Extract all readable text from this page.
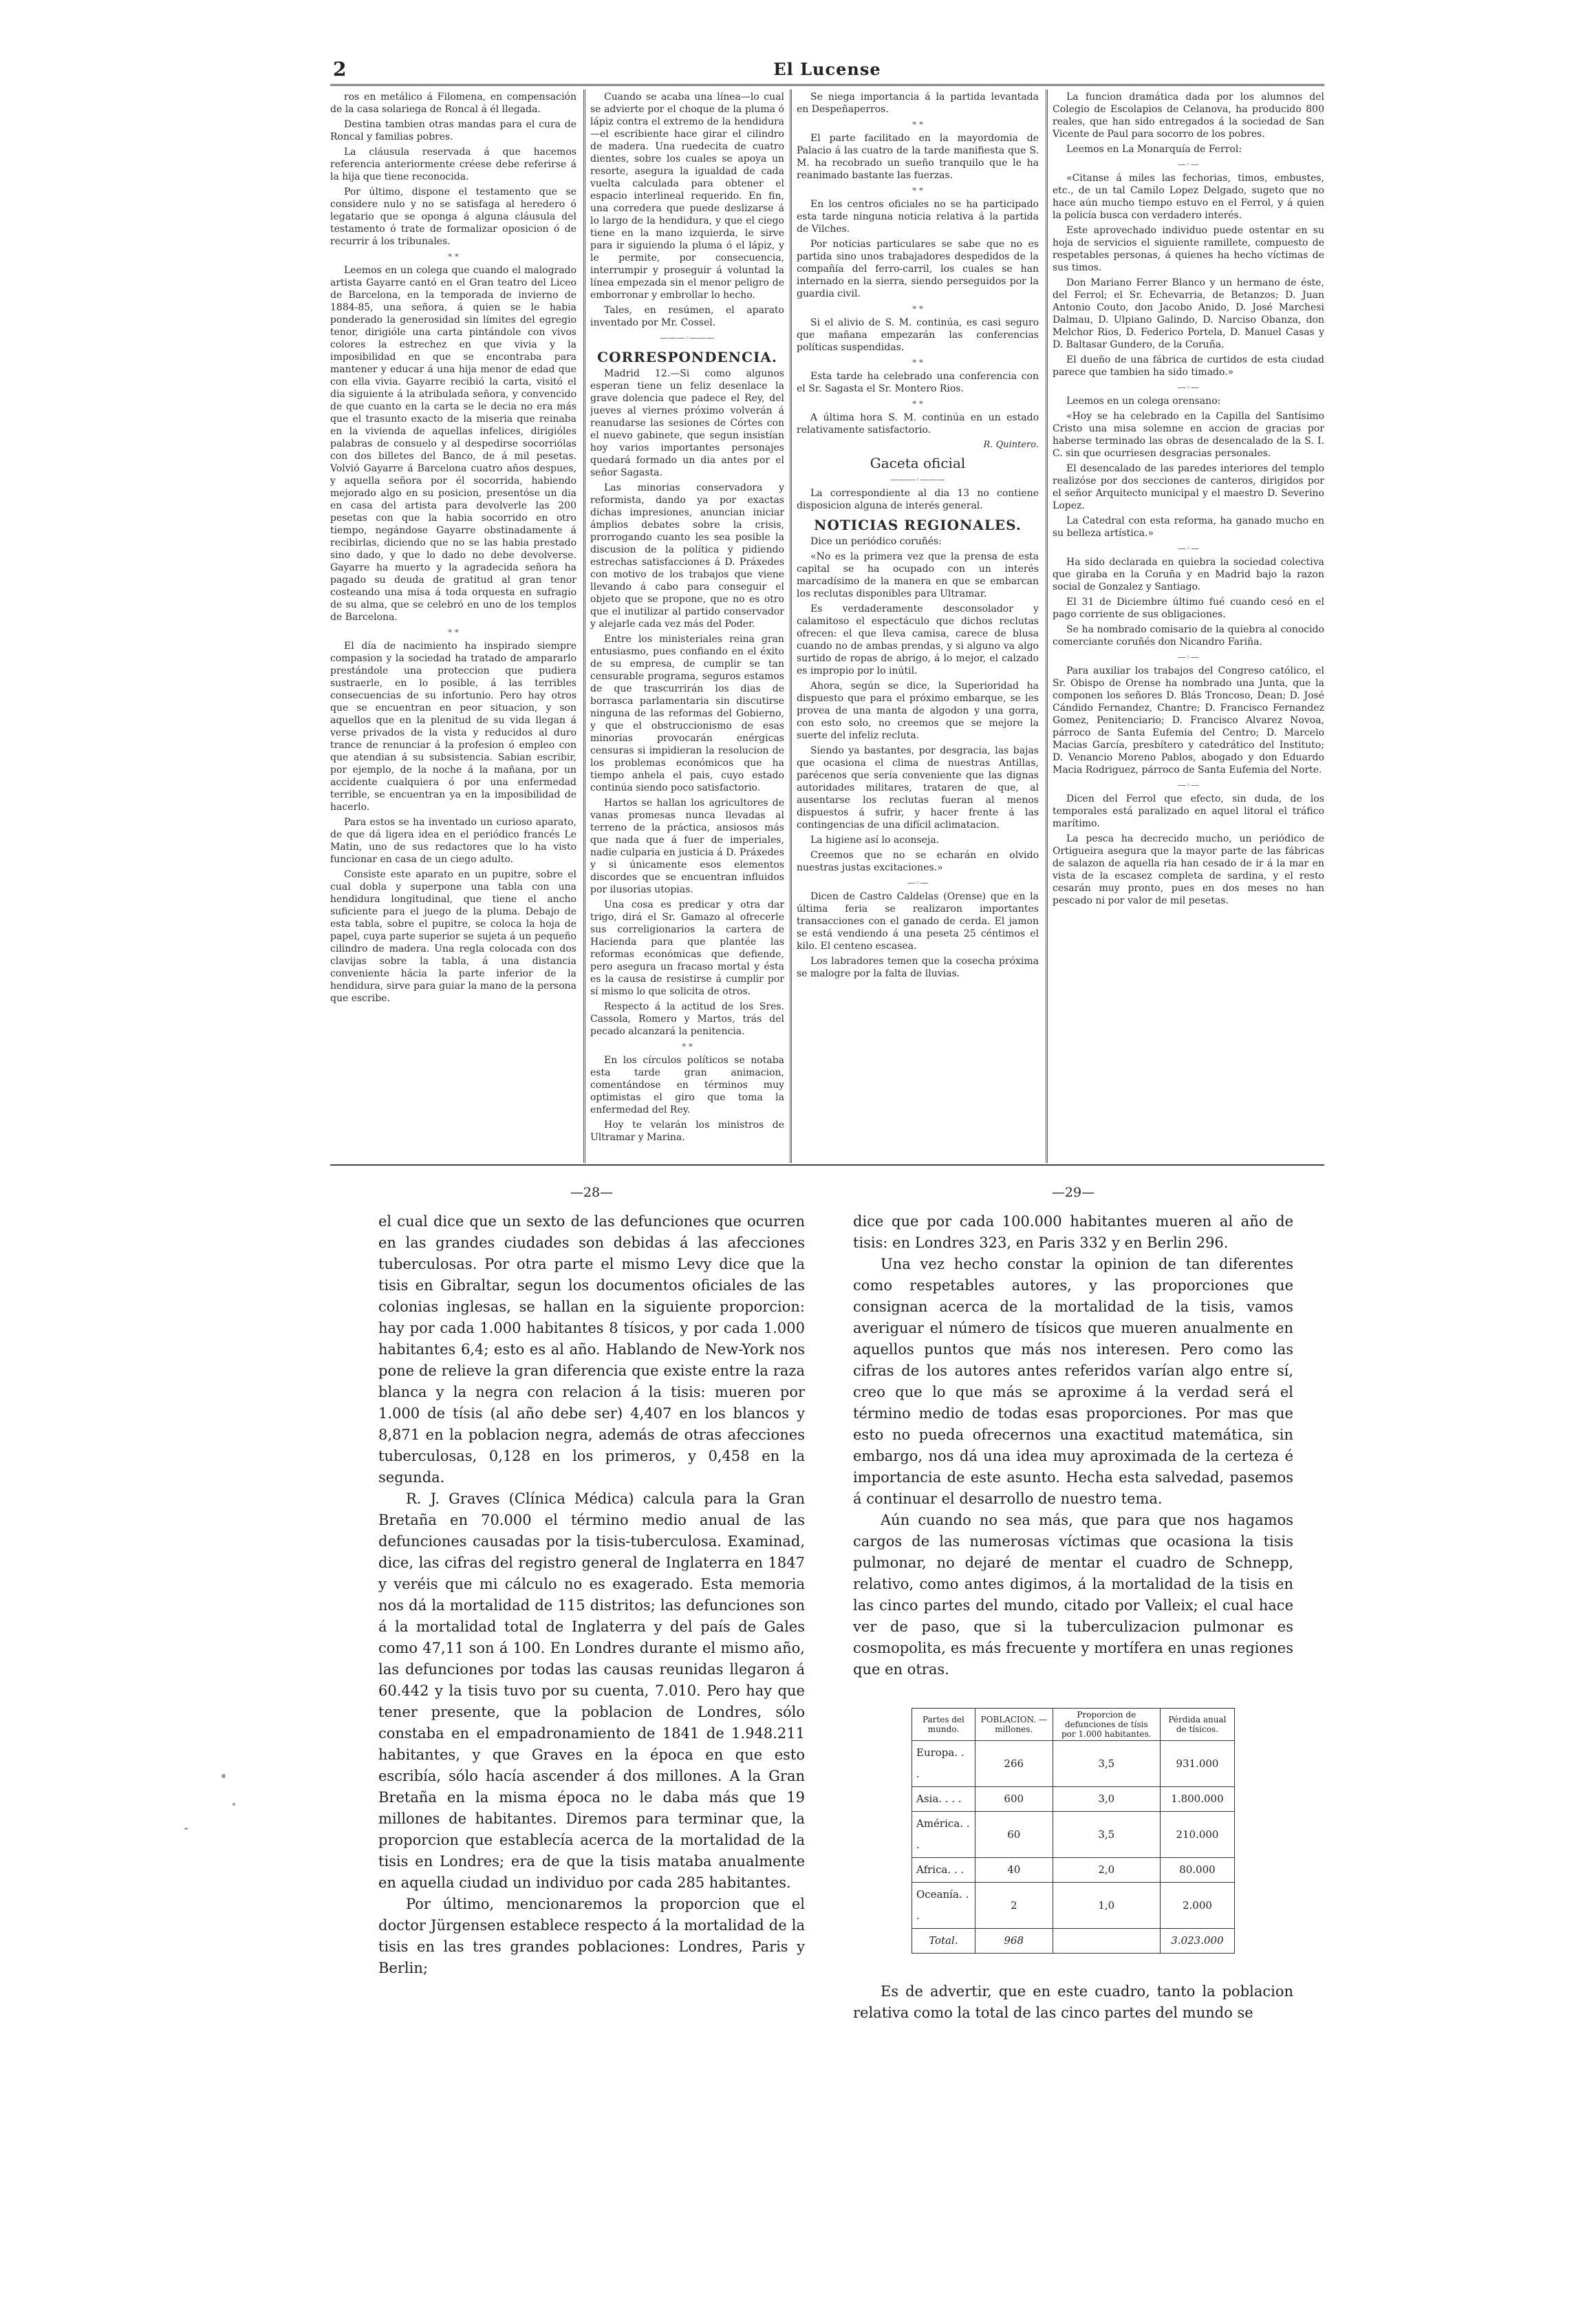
2	El Lucense

ros en metálico á Filomena, en compensación de la casa solariega de Roncal á él llegada.

Destina tambien otras mandas para el cura de Roncal y familias pobres.

La cláusula reservada á que hacemos referencia anteriormente créese debe referirse á la hija que tiene reconocida.

Por último, dispone el testamento que se considere nulo y no se satisfaga al heredero ó legatario que se oponga á alguna cláusula del testamento ó trate de formalizar oposicion ó de recurrir á los tribunales.

* *

Leemos en un colega que cuando el malogrado artista Gayarre cantó en el Gran teatro del Liceo de Barcelona, en la temporada de invierno de 1884-85, una señora, á quien se le habia ponderado la generosidad sin límites del egregio tenor, dirigióle una carta pintándole con vivos colores la estrechez en que vivia y la imposibilidad en que se encontraba para mantener y educar á una hija menor de edad que con ella vivia. Gayarre recibió la carta, visitó el dia siguiente á la atribulada señora, y convencido de que cuanto en la carta se le decia no era más que el trasunto exacto de la miseria que reinaba en la vivienda de aquellas infelices, dirigióles palabras de consuelo y al despedirse socorriólas con dos billetes del Banco, de á mil pesetas. Volvió Gayarre á Barcelona cuatro años despues, y aquella señora por él socorrida, habiendo mejorado algo en su posicion, presentóse un dia en casa del artista para devolverle las 200 pesetas con que la habia socorrido en otro tiempo, negándose Gayarre obstinadamente á recibirlas, diciendo que no se las habia prestado sino dado, y que lo dado no debe devolverse. Gayarre ha muerto y la agradecida señora ha pagado su deuda de gratitud al gran tenor costeando una misa á toda orquesta en sufragio de su alma, que se celebró en uno de los templos de Barcelona.

* *

El día de nacimiento ha inspirado siempre compasion y la sociedad ha tratado de ampararlo prestándole una proteccion que pudiera sustraerle, en lo posible, á las terribles consecuencias de su infortunio. Pero hay otros que se encuentran en peor situacion, y son aquellos que en la plenitud de su vida llegan á verse privados de la vista y reducidos al duro trance de renunciar á la profesion ó empleo con que atendian á su subsistencia. Sabian escribir, por ejemplo, de la noche á la mañana, por un accidente cualquiera ó por una enfermedad terrible, se encuentran ya en la imposibilidad de hacerlo.

Para estos se ha inventado un curioso aparato, de que dá ligera idea en el periódico francés Le Matin, uno de sus redactores que lo ha visto funcionar en casa de un ciego adulto.

Consiste este aparato en un pupitre, sobre el cual dobla y superpone una tabla con una hendidura longitudinal, que tiene el ancho suficiente para el juego de la pluma. Debajo de esta tabla, sobre el pupitre, se coloca la hoja de papel, cuya parte superior se sujeta á un pequeño cilindro de madera. Una regla colocada con dos clavijas sobre la tabla, á una distancia conveniente hácia la parte inferior de la hendidura, sirve para guiar la mano de la persona que escribe.

Cuando se acaba una línea—lo cual se advierte por el choque de la pluma ó lápiz contra el extremo de la hendidura—el escribiente hace girar el cilindro de madera. Una ruedecita de cuatro dientes, sobre los cuales se apoya un resorte, asegura la igualdad de cada vuelta calculada para obtener el espacio interlineal requerido. En fin, una corredera que puede deslizarse á lo largo de la hendidura, y que el ciego tiene en la mano izquierda, le sirve para ir siguiendo la pluma ó el lápiz, y le permite, por consecuencia, interrumpir y proseguir á voluntad la línea empezada sin el menor peligro de emborronar y embrollar lo hecho.

Tales, en resúmen, el aparato inventado por Mr. Cossel.

———◦———
CORRESPONDENCIA.

Madrid 12.—Si como algunos esperan tiene un feliz desenlace la grave dolencia que padece el Rey, del jueves al viernes próximo volverán á reanudarse las sesiones de Córtes con el nuevo gabinete, que segun insistían hoy varios importantes personajes quedará formado un dia antes por el señor Sagasta.

Las minorias conservadora y reformista, dando ya por exactas dichas impresiones, anuncian iniciar ámplios debates sobre la crisis, prorrogando cuanto les sea posible la discusion de la política y pidiendo estrechas satisfacciones á D. Práxedes con motivo de los trabajos que viene llevando á cabo para conseguir el objeto que se propone, que no es otro que el inutilizar al partido conservador y alejarle cada vez más del Poder.

Entre los ministeriales reina gran entusiasmo, pues confiando en el éxito de su empresa, de cumplir se tan censurable programa, seguros estamos de que trascurrirán los dias de borrasca parlamentaria sin discutirse ninguna de las reformas del Gobierno, y que el obstruccionismo de esas minorias provocarán enérgicas censuras si impidieran la resolucion de los problemas económicos que ha tiempo anhela el pais, cuyo estado continúa siendo poco satisfactorio.

Hartos se hallan los agricultores de vanas promesas nunca llevadas al terreno de la práctica, ansiosos más que nada que á fuer de imperiales, nadie culparia en justicia á D. Práxedes y si únicamente esos elementos discordes que se encuentran influidos por ilusorias utopias.

Una cosa es predicar y otra dar trigo, dirá el Sr. Gamazo al ofrecerle sus correligionarios la cartera de Hacienda para que plantée las reformas económicas que defiende, pero asegura un fracaso mortal y ésta es la causa de resistirse á cumplir por sí mismo lo que solicita de otros.

Respecto á la actitud de los Sres. Cassola, Romero y Martos, trás del pecado alcanzará la penitencia.

* *

En los círculos políticos se notaba esta tarde gran animacion, comentándose en términos muy optimistas el giro que toma la enfermedad del Rey.

Hoy te velarán los ministros de Ultramar y Marina.

Se niega importancia á la partida levantada en Despeñaperros.

* *

El parte facilitado en la mayordomia de Palacio á las cuatro de la tarde manifiesta que S. M. ha recobrado un sueño tranquilo que le ha reanimado bastante las fuerzas.

* *

En los centros oficiales no se ha participado esta tarde ninguna noticia relativa á la partida de Vilches.

Por noticias particulares se sabe que no es partida sino unos trabajadores despedidos de la compañía del ferro-carril, los cuales se han internado en la sierra, siendo perseguidos por la guardia civil.

* *

Si el alivio de S. M. continúa, es casi seguro que mañana empezarán las conferencias políticas suspendidas.

* *

Esta tarde ha celebrado una conferencia con el Sr. Sagasta el Sr. Montero Rios.

* *

A última hora S. M. continúa en un estado relativamente satisfactorio.

R. Quintero.
Gaceta oficial
———◦———

La correspondiente al dia 13 no contiene disposicion alguna de interés general.

NOTICIAS REGIONALES.

Dice un periódico coruñés:

«No es la primera vez que la prensa de esta capital se ha ocupado con un interés marcadísimo de la manera en que se embarcan los reclutas disponibles para Ultramar.

Es verdaderamente desconsolador y calamitoso el espectáculo que dichos reclutas ofrecen: el que lleva camisa, carece de blusa cuando no de ambas prendas, y si alguno va algo surtido de ropas de abrigo, á lo mejor, el calzado es impropio por lo inútil.

Ahora, según se dice, la Superioridad ha dispuesto que para el próximo embarque, se les provea de una manta de algodon y una gorra, con esto solo, no creemos que se mejore la suerte del infeliz recluta.

Siendo ya bastantes, por desgracia, las bajas que ocasiona el clima de nuestras Antillas, parécenos que sería conveniente que las dignas autoridades militares, trataren de que, al ausentarse los reclutas fueran al menos dispuestos á sufrir, y hacer frente á las contingencias de una difícil aclimatacion.

La higiene así lo aconseja.

Creemos que no se echarán en olvido nuestras justas excitaciones.»

—◦—

Dicen de Castro Caldelas (Orense) que en la última feria se realizaron importantes transacciones con el ganado de cerda. El jamon se está vendiendo á una peseta 25 céntimos el kilo. El centeno escasea.

Los labradores temen que la cosecha próxima se malogre por la falta de lluvias.

La funcion dramática dada por los alumnos del Colegio de Escolapios de Celanova, ha producido 800 reales, que han sido entregados á la sociedad de San Vicente de Paul para socorro de los pobres.

Leemos en La Monarquía de Ferrol:

—◦—

«Citanse á miles las fechorias, timos, embustes, etc., de un tal Camilo Lopez Delgado, sugeto que no hace aún mucho tiempo estuvo en el Ferrol, y á quien la policía busca con verdadero interés.

Este aprovechado individuo puede ostentar en su hoja de servicios el siguiente ramillete, compuesto de respetables personas, á quienes ha hecho víctimas de sus timos.

Don Mariano Ferrer Blanco y un hermano de éste, del Ferrol; el Sr. Echevarria, de Betanzos; D. Juan Antonio Couto, don Jacobo Anido, D. José Marchesi Dalmau, D. Ulpiano Galindo, D. Narciso Obanza, don Melchor Rios, D. Federico Portela, D. Manuel Casas y D. Baltasar Gundero, de la Coruña.

El dueño de una fábrica de curtidos de esta ciudad parece que tambien ha sido timado.»

—◦—

Leemos en un colega orensano:

«Hoy se ha celebrado en la Capilla del Santísimo Cristo una misa solemne en accion de gracias por haberse terminado las obras de desencalado de la S. I. C. sin que ocurriesen desgracias personales.

El desencalado de las paredes interiores del templo realizóse por dos secciones de canteros, dirigidos por el señor Arquitecto municipal y el maestro D. Severino Lopez.

La Catedral con esta reforma, ha ganado mucho en su belleza artística.»

—◦—

Ha sido declarada en quiebra la sociedad colectiva que giraba en la Coruña y en Madrid bajo la razon social de Gonzalez y Santiago.

El 31 de Diciembre último fué cuando cesó en el pago corriente de sus obligaciones.

Se ha nombrado comisario de la quiebra al conocido comerciante coruñés don Nicandro Fariña.

—◦—

Para auxiliar los trabajos del Congreso católico, el Sr. Obispo de Orense ha nombrado una Junta, que la componen los señores D. Blás Troncoso, Dean; D. José Cándido Fernandez, Chantre; D. Francisco Fernandez Gomez, Penitenciario; D. Francisco Alvarez Novoa, párroco de Santa Eufemia del Centro; D. Marcelo Macias García, presbítero y catedrático del Instituto; D. Venancio Moreno Pablos, abogado y don Eduardo Macia Rodriguez, párroco de Santa Eufemia del Norte.

—◦—

Dicen del Ferrol que efecto, sin duda, de los temporales está paralizado en aquel litoral el tráfico marítimo.

La pesca ha decrecido mucho, un periódico de Ortigueira asegura que la mayor parte de las fábricas de salazon de aquella ria han cesado de ir á la mar en vista de la escasez completa de sardina, y el resto cesarán muy pronto, pues en dos meses no han pescado ni por valor de mil pesetas.

—28—

el cual dice que un sexto de las defunciones que ocurren en las grandes ciudades son debidas á las afecciones tuberculosas. Por otra parte el mismo Levy dice que la tisis en Gibraltar, segun los documentos oficiales de las colonias inglesas, se hallan en la siguiente proporcion: hay por cada 1.000 habitantes 8 tísicos, y por cada 1.000 habitantes 6,4; esto es al año. Hablando de New-York nos pone de relieve la gran diferencia que existe entre la raza blanca y la negra con relacion á la tisis: mueren por 1.000 de tísis (al año debe ser) 4,407 en los blancos y 8,871 en la poblacion negra, además de otras afecciones tuberculosas, 0,128 en los primeros, y 0,458 en la segunda.

R. J. Graves (Clínica Médica) calcula para la Gran Bretaña en 70.000 el término medio anual de las defunciones causadas por la tisis-tuberculosa. Examinad, dice, las cifras del registro general de Inglaterra en 1847 y veréis que mi cálculo no es exagerado. Esta memoria nos dá la mortalidad de 115 distritos; las defunciones son á la mortalidad total de Inglaterra y del país de Gales como 47,11 son á 100. En Londres durante el mismo año, las defunciones por todas las causas reunidas llegaron á 60.442 y la tisis tuvo por su cuenta, 7.010. Pero hay que tener presente, que la poblacion de Londres, sólo constaba en el empadronamiento de 1841 de 1.948.211 habitantes, y que Graves en la época en que esto escribía, sólo hacía ascender á dos millones. A la Gran Bretaña en la misma época no le daba más que 19 millones de habitantes. Diremos para terminar que, la proporcion que establecía acerca de la mortalidad de la tisis en Londres; era de que la tisis mataba anualmente en aquella ciudad un individuo por cada 285 habitantes.

Por último, mencionaremos la proporcion que el doctor Jürgensen establece respecto á la mortalidad de la tisis en las tres grandes poblaciones: Londres, Paris y Berlin;

—29—

dice que por cada 100.000 habitantes mueren al año de tisis: en Londres 323, en Paris 332 y en Berlin 296.

Una vez hecho constar la opinion de tan diferentes como respetables autores, y las proporciones que consignan acerca de la mortalidad de la tisis, vamos averiguar el número de tísicos que mueren anualmente en aquellos puntos que más nos interesen. Pero como las cifras de los autores antes referidos varían algo entre sí, creo que lo que más se aproxime á la verdad será el término medio de todas esas proporciones. Por mas que esto no pueda ofrecernos una exactitud matemática, sin embargo, nos dá una idea muy aproximada de la certeza é importancia de este asunto. Hecha esta salvedad, pasemos á continuar el desarrollo de nuestro tema.

Aún cuando no sea más, que para que nos hagamos cargos de las numerosas víctimas que ocasiona la tisis pulmonar, no dejaré de mentar el cuadro de Schnepp, relativo, como antes digimos, á la mortalidad de la tisis en las cinco partes del mundo, citado por Valleix; el cual hace ver de paso, que si la tuberculizacion pulmonar es cosmopolita, es más frecuente y mortífera en unas regiones que en otras.

Partes del mundo.	POBLACION. — millones.	Proporcion de defunciones de tísis por 1.000 habitantes.	Pérdida anual de tísicos.
Europa. . .	266	3,5	931.000
Asia. . . .	600	3,0	1.800.000
América. . .	60	3,5	210.000
Africa. . .	40	2,0	80.000
Oceanía. . .	2	1,0	2.000
Total.	968		3.023.000

Es de advertir, que en este cuadro, tanto la poblacion relativa como la total de las cinco partes del mundo se
